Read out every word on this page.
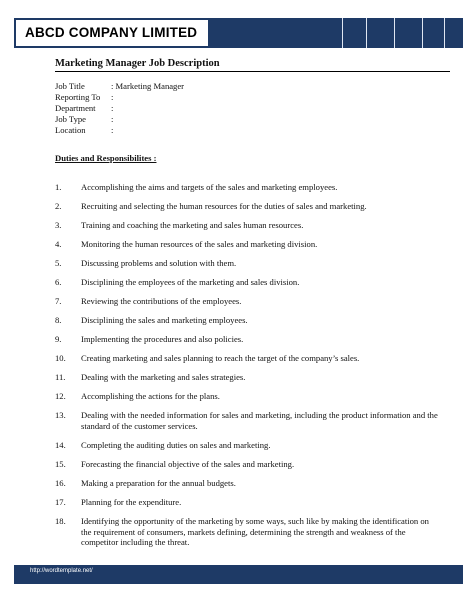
ABCD COMPANY LIMITED
Marketing Manager Job Description
Job Title	: Marketing Manager
Reporting To :
Department :
Job Type	:
Location	:
Duties and Responsibilites :
1. Accomplishing the aims and targets of the sales and marketing employees.
2. Recruiting and selecting the human resources for the duties of sales and marketing.
3. Training and coaching the marketing and sales human resources.
4. Monitoring the human resources of the sales and marketing division.
5. Discussing problems and solution with them.
6. Disciplining the employees of the marketing and sales division.
7. Reviewing the contributions of the employees.
8. Disciplining the sales and marketing employees.
9. Implementing the procedures and also policies.
10. Creating marketing and sales planning to reach the target of the company’s sales.
11. Dealing with the marketing and sales strategies.
12. Accomplishing the actions for the plans.
13. Dealing with the needed information for sales and marketing, including the product information and the standard of the customer services.
14. Completing the auditing duties on sales and marketing.
15. Forecasting the financial objective of the sales and marketing.
16. Making a preparation for the annual budgets.
17. Planning for the expenditure.
18. Identifying the opportunity of the marketing by some ways, such like by making the identification on the requirement of consumers, markets defining, determining the strength and weakness of the competitor including the threat.
http://wordtemplate.net/
